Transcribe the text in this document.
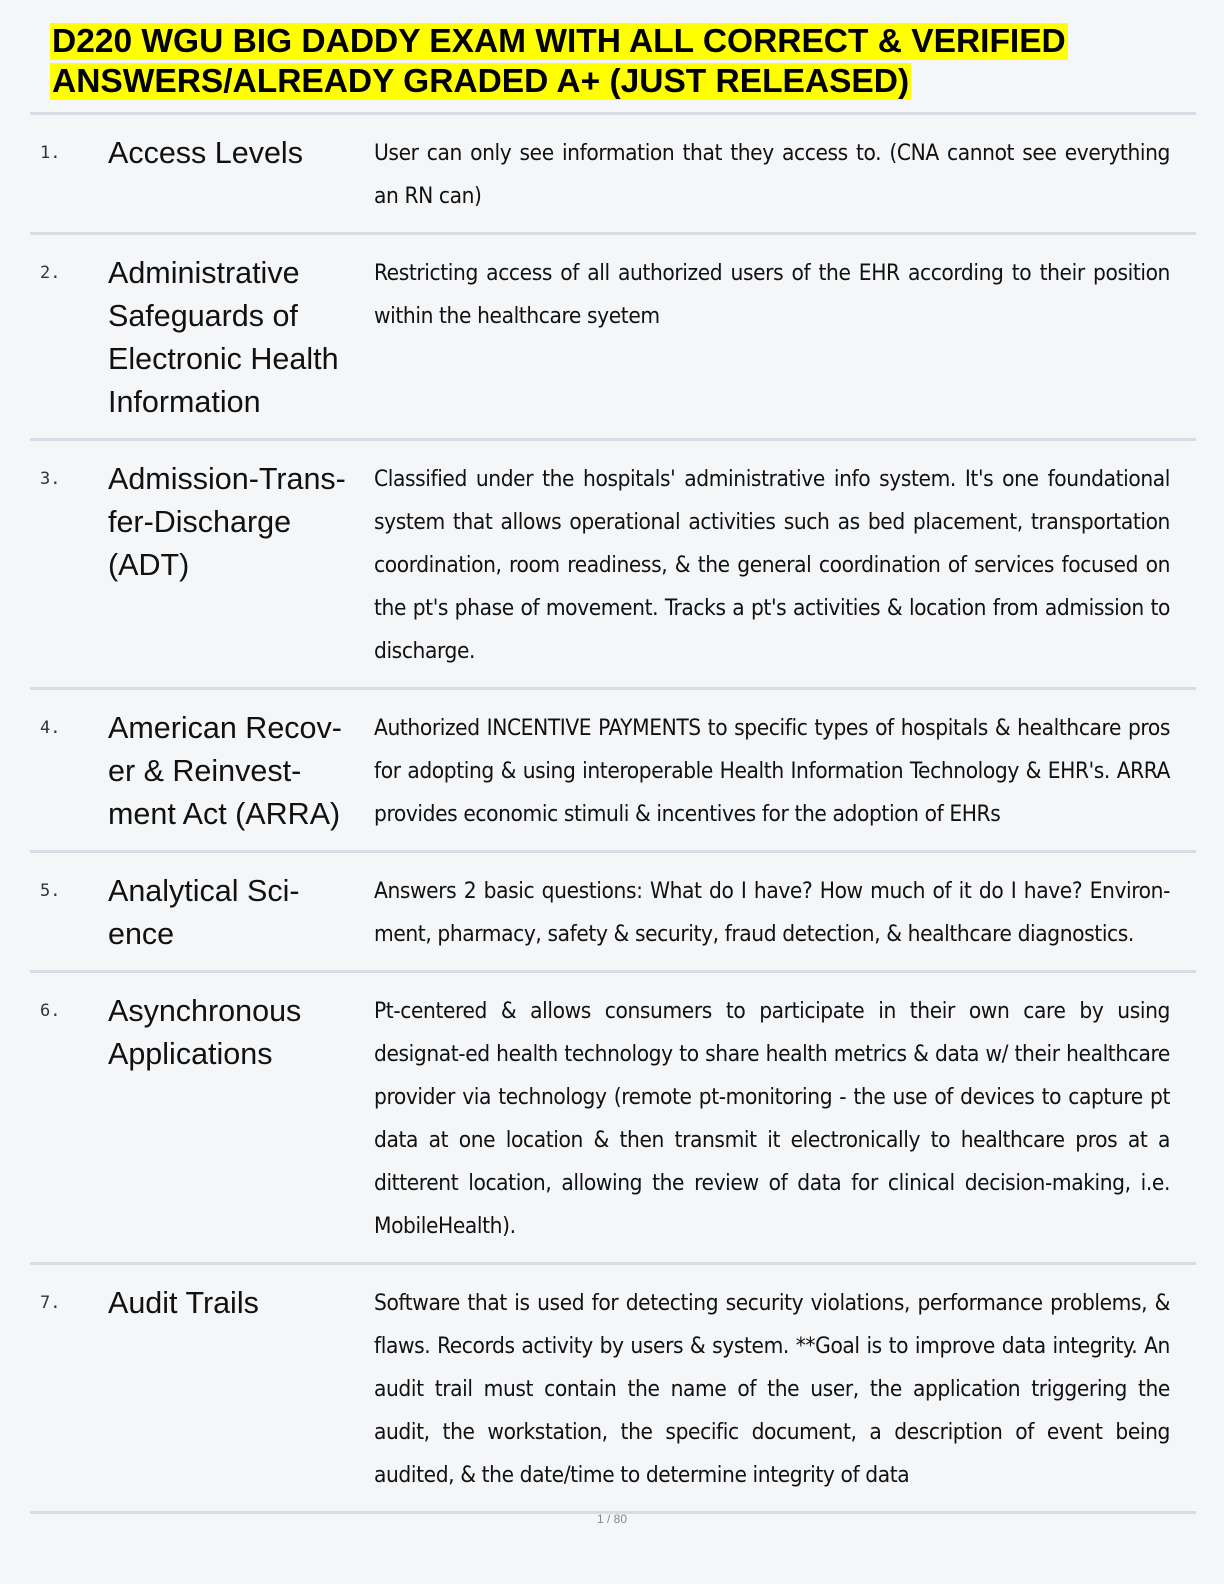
D220 WGU BIG DADDY EXAM WITH ALL CORRECT & VERIFIED ANSWERS/ALREADY GRADED A+ (JUST RELEASED)
1.	Access Levels	User can only see information that they access to. (CNA cannot see everything an RN can)
2.	Administrative Safeguards of Electronic Health Information
Restricting access of all authorized users of the EHR according to their position within the healthcare syetem
3.	Admission-Trans-fer-Discharge (ADT)
Classified under the hospitals' administrative info system. It's one foundational system that allows operational activities such as bed placement, transportation coordination, room readiness, & the general coordination of services focused on the pt's phase of movement. Tracks a pt's activities & location from admission to discharge.
4.	American Recov-er & Reinvest-ment Act (ARRA)
Authorized INCENTIVE PAYMENTS to specific types of hospitals & healthcare pros for adopting & using interoperable Health Information Technology & EHR's. ARRA provides economic stimuli & incentives for the adoption of EHRs
5.	Analytical Sci-ence
Answers 2 basic questions: What do I have? How much of it do I have? Environ-ment, pharmacy, safety & security, fraud detection, & healthcare diagnostics.
6.	Asynchronous Applications
Pt-centered & allows consumers to participate in their own care by using designat-ed health technology to share health metrics & data w/ their healthcare provider via technology (remote pt-monitoring - the use of devices to capture pt data at one location & then transmit it electronically to healthcare pros at a ditterent location, allowing the review of data for clinical decision-making, i.e. MobileHealth).
7.	Audit Trails	Software that is used for detecting security violations, performance problems, & flaws. Records activity by users & system. **Goal is to improve data integrity. An audit trail must contain the name of the user, the application triggering the audit, the workstation, the specific document, a description of event being audited, & the date/time to determine integrity of data
1 / 80
